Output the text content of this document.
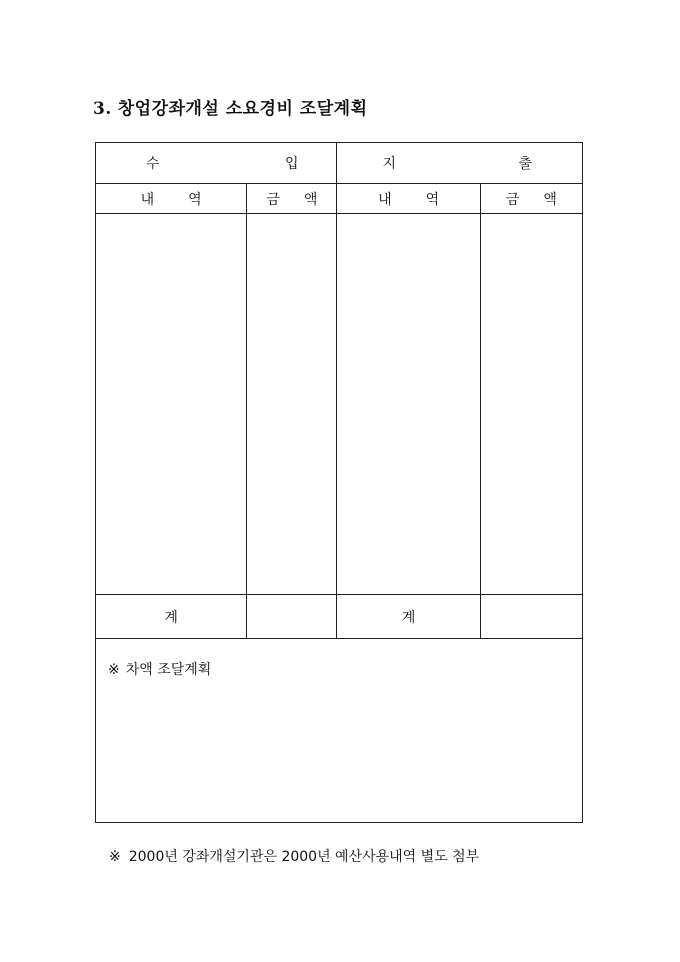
3. 창업강좌개설 소요경비 조달계획
수 입		지 출	

내 역	금 액	내 역	금 액

계		계	

※ 차액 조달계획			
※ 2000년 강좌개설기관은 2000년 예산사용내역 별도 첨부
